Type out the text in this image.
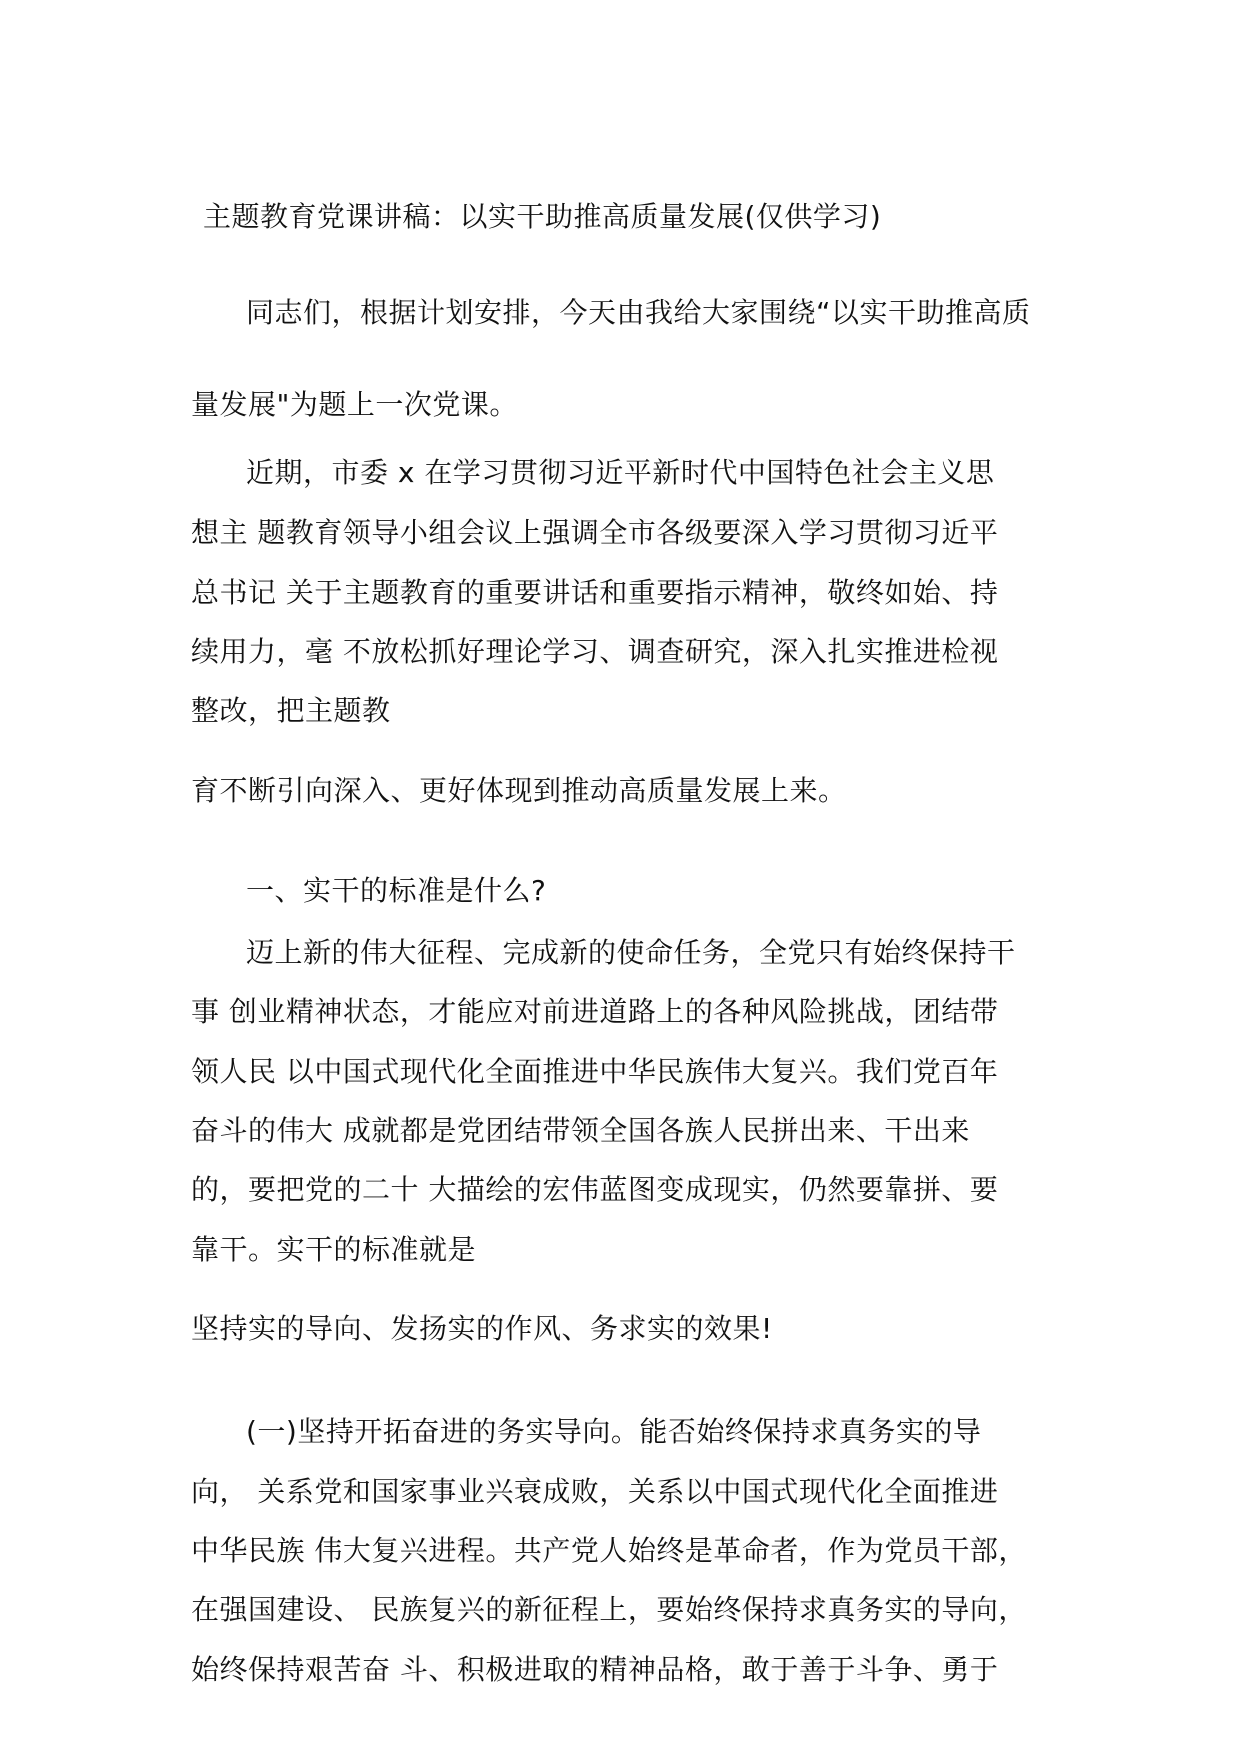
主题教育党课讲稿：以实干助推高质量发展(仅供学习)
同志们，根据计划安排，今天由我给大家围绕“以实干助推高质
量发展"为题上一次党课。
近期，市委 x 在学习贯彻习近平新时代中国特色社会主义思
想主 题教育领导小组会议上强调全市各级要深入学习贯彻习近平
总书记 关于主题教育的重要讲话和重要指示精神，敬终如始、持
续用力，毫 不放松抓好理论学习、调查研究，深入扎实推进检视
整改，把主题教
育不断引向深入、更好体现到推动高质量发展上来。
一、实干的标准是什么?
迈上新的伟大征程、完成新的使命任务，全党只有始终保持干
事 创业精神状态，才能应对前进道路上的各种风险挑战，团结带
领人民 以中国式现代化全面推进中华民族伟大复兴。我们党百年
奋斗的伟大 成就都是党团结带领全国各族人民拼出来、干出来
的，要把党的二十 大描绘的宏伟蓝图变成现实，仍然要靠拼、要
靠干。实干的标准就是
坚持实的导向、发扬实的作风、务求实的效果!
(一)坚持开拓奋进的务实导向。能否始终保持求真务实的导
向， 关系党和国家事业兴衰成败，关系以中国式现代化全面推进
中华民族 伟大复兴进程。共产党人始终是革命者，作为党员干部，
在强国建设、 民族复兴的新征程上，要始终保持求真务实的导向，
始终保持艰苦奋 斗、积极进取的精神品格，敢于善于斗争、勇于
